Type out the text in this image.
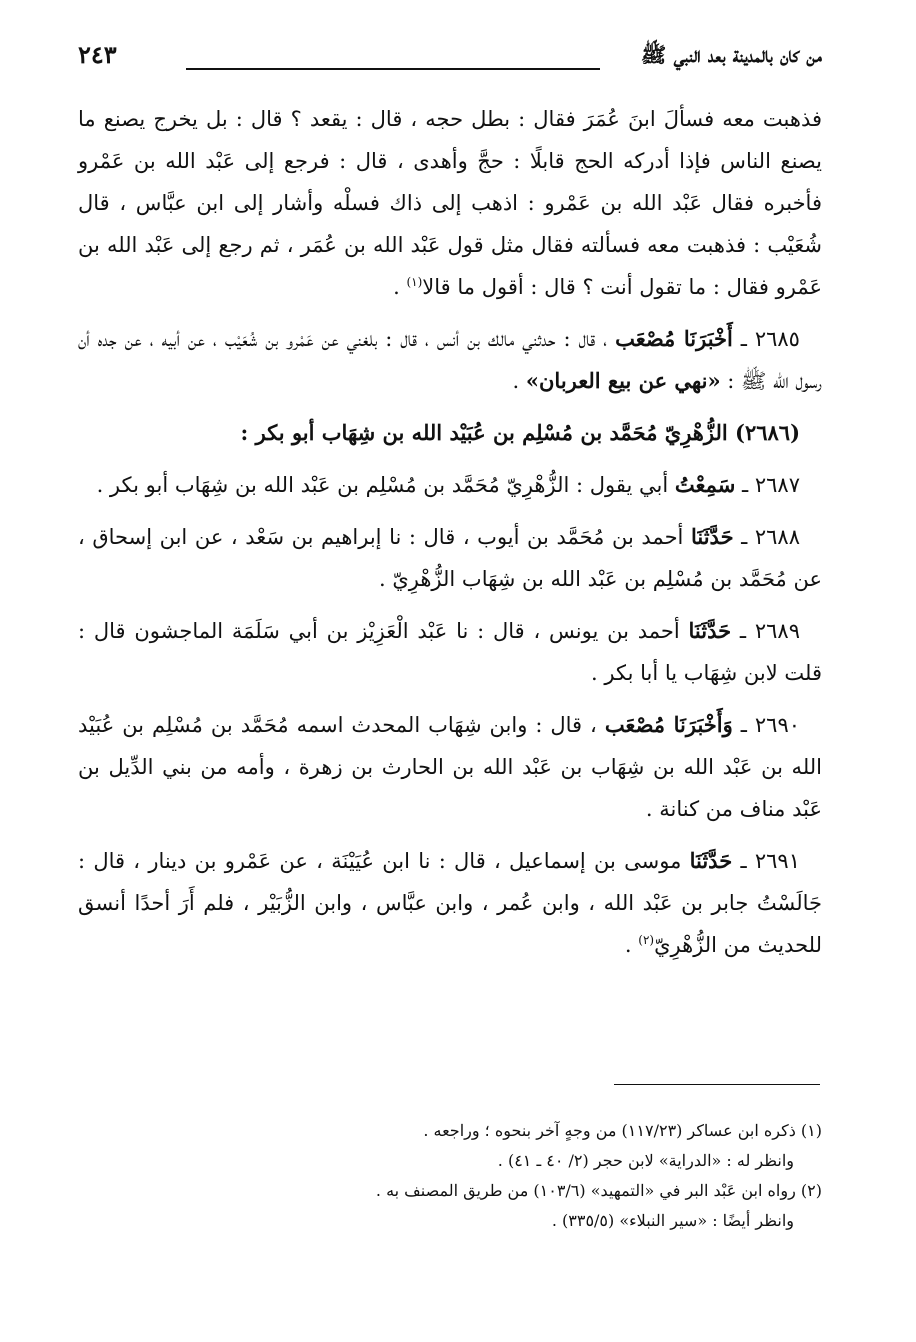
من كان بالمدينة بعد النبي ﷺ
٢٤٣

فذهبت معه فسألَ ابنَ عُمَرَ فقال : بطل حجه ، قال : يقعد ؟ قال : بل يخرج يصنع ما يصنع الناس فإذا أدركه الحج قابلًا : حجَّ وأهدى ، قال : فرجع إلى عَبْد الله بن عَمْرو فأخبره فقال عَبْد الله بن عَمْرو : اذهب إلى ذاك فسلْه وأشار إلى ابن عبَّاس ، قال شُعَيْب : فذهبت معه فسألته فقال مثل قول عَبْد الله بن عُمَر ، ثم رجع إلى عَبْد الله بن عَمْرو فقال : ما تقول أنت ؟ قال : أقول ما قالا$^{(١)}$ .

٢٦٨٥ ـ أَخْبَرَنَا مُصْعَب ، قال : حدثني مالك بن أنس ، قال : بلغني عن عَمْرو بن شُعَيْب ، عن أبيه ، عن جده أن رسول الله ﷺ : «نهي عن بيع العربان» .

(٢٦٨٦) الزُّهْرِيّ مُحَمَّد بن مُسْلِم بن عُبَيْد الله بن شِهَاب أبو بكر :

٢٦٨٧ ـ سَمِعْتُ أبي يقول : الزُّهْرِيّ مُحَمَّد بن مُسْلِم بن عَبْد الله بن شِهَاب أبو بكر .

٢٦٨٨ ـ حَدَّثَنَا أحمد بن مُحَمَّد بن أيوب ، قال : نا إبراهيم بن سَعْد ، عن ابن إسحاق ، عن مُحَمَّد بن مُسْلِم بن عَبْد الله بن شِهَاب الزُّهْرِيّ .

٢٦٨٩ ـ حَدَّثَنَا أحمد بن يونس ، قال : نا عَبْد الْعَزِيْز بن أبي سَلَمَة الماجشون قال : قلت لابن شِهَاب يا أبا بكر .

٢٦٩٠ ـ وَأَخْبَرَنَا مُصْعَب ، قال : وابن شِهَاب المحدث اسمه مُحَمَّد بن مُسْلِم بن عُبَيْد الله بن عَبْد الله بن شِهَاب بن عَبْد الله بن الحارث بن زهرة ، وأمه من بني الدِّيل بن عَبْد مناف من كنانة .

٢٦٩١ ـ حَدَّثَنَا موسى بن إسماعيل ، قال : نا ابن عُيَيْنَة ، عن عَمْرو بن دينار ، قال : جَالَسْتُ جابر بن عَبْد الله ، وابن عُمر ، وابن عبَّاس ، وابن الزُّبَيْر ، فلم أَرَ أحدًا أنسق للحديث من الزُّهْرِيّ$^{(٢)}$ .

(١) ذكره ابن عساكر (١١٧/٢٣) من وجهٍ آخر بنحوه ؛ وراجعه .

وانظر له : «الدراية» لابن حجر (٢/ ٤٠ ـ ٤١) .

(٢) رواه ابن عَبْد البر في «التمهيد» (١٠٣/٦) من طريق المصنف به .

وانظر أيضًا : «سير النبلاء» (٣٣٥/٥) .
